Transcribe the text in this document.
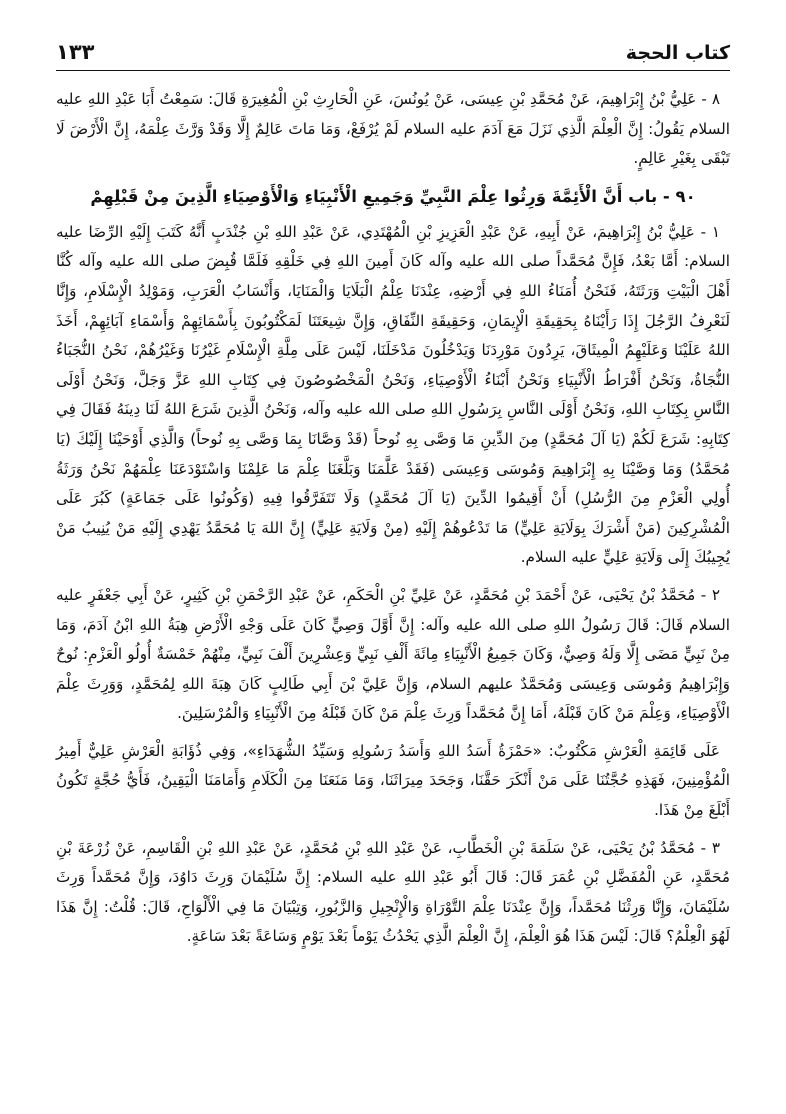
كتاب الحجة
١٣٣

٨ - عَلِيُّ بْنُ إِبْرَاهِيمَ، عَنْ مُحَمَّدِ بْنِ عِيسَى، عَنْ يُونُسَ، عَنِ الْحَارِثِ بْنِ الْمُغِيرَةِ قَالَ: سَمِعْتُ أَبَا عَبْدِ اللهِ عليه السلام يَقُولُ: إِنَّ الْعِلْمَ الَّذِي نَزَلَ مَعَ آدَمَ عليه السلام لَمْ يُرْفَعْ، وَمَا مَاتَ عَالِمٌ إِلَّا وَقَدْ وَرَّثَ عِلْمَهُ، إِنَّ الْأَرْضَ لَا تَبْقَى بِغَيْرِ عَالِمٍ.

٩٠ - باب أَنَّ الْأَئِمَّةَ وَرِثُوا عِلْمَ النَّبِيِّ وَجَمِيعِ الْأَنْبِيَاءِ وَالْأَوْصِيَاءِ الَّذِينَ مِنْ قَبْلِهِمْ

١ - عَلِيُّ بْنُ إِبْرَاهِيمَ، عَنْ أَبِيهِ، عَنْ عَبْدِ الْعَزِيزِ بْنِ الْمُهْتَدِي، عَنْ عَبْدِ اللهِ بْنِ جُنْدَبٍ أَنَّهُ كَتَبَ إِلَيْهِ الرِّضَا عليه السلام: أَمَّا بَعْدُ، فَإِنَّ مُحَمَّداً صلى الله عليه وآله كَانَ أَمِينَ اللهِ فِي خَلْقِهِ فَلَمَّا قُبِضَ صلى الله عليه وآله كُنَّا أَهْلَ الْبَيْتِ وَرَثَتَهُ، فَنَحْنُ أُمَنَاءُ اللهِ فِي أَرْضِهِ، عِنْدَنَا عِلْمُ الْبَلَايَا وَالْمَنَايَا، وَأَنْسَابُ الْعَرَبِ، وَمَوْلِدُ الْإِسْلَامِ، وَإِنَّا لَنَعْرِفُ الرَّجُلَ إِذَا رَأَيْنَاهُ بِحَقِيقَةِ الْإِيمَانِ، وَحَقِيقَةِ النِّفَاقِ، وَإِنَّ شِيعَتَنَا لَمَكْتُوبُونَ بِأَسْمَائِهِمْ وَأَسْمَاءِ آبَائِهِمْ، أَخَذَ اللهُ عَلَيْنَا وَعَلَيْهِمُ الْمِيثَاقَ، يَرِدُونَ مَوْرِدَنَا وَيَدْخُلُونَ مَدْخَلَنَا، لَيْسَ عَلَى مِلَّةِ الْإِسْلَامِ غَيْرُنَا وَغَيْرُهُمْ، نَحْنُ النُّجَبَاءُ النُّجَاةُ، وَنَحْنُ أَفْرَاطُ الْأَنْبِيَاءِ وَنَحْنُ أَبْنَاءُ الْأَوْصِيَاءِ، وَنَحْنُ الْمَخْصُوصُونَ فِي كِتَابِ اللهِ عَزَّ وَجَلَّ، وَنَحْنُ أَوْلَى النَّاسِ بِكِتَابِ اللهِ، وَنَحْنُ أَوْلَى النَّاسِ بِرَسُولِ اللهِ صلى الله عليه وآله، وَنَحْنُ الَّذِينَ شَرَعَ اللهُ لَنَا دِينَهُ فَقَالَ فِي كِتَابِهِ: شَرَعَ لَكُمْ (يَا آلَ مُحَمَّدٍ) مِنَ الدِّينِ مَا وَصَّى بِهِ نُوحاً (قَدْ وَصَّانَا بِمَا وَصَّى بِهِ نُوحاً) وَالَّذِي أَوْحَيْنَا إِلَيْكَ (يَا مُحَمَّدُ) وَمَا وَصَّيْنَا بِهِ إِبْرَاهِيمَ وَمُوسَى وَعِيسَى (فَقَدْ عَلَّمَنَا وَبَلَّغَنَا عِلْمَ مَا عَلِمْنَا وَاسْتَوْدَعَنَا عِلْمَهُمْ نَحْنُ وَرَثَةُ أُولِي الْعَزْمِ مِنَ الرُّسُلِ) أَنْ أَقِيمُوا الدِّينَ (يَا آلَ مُحَمَّدٍ) وَلَا تَتَفَرَّقُوا فِيهِ (وَكُونُوا عَلَى جَمَاعَةٍ) كَبُرَ عَلَى الْمُشْرِكِينَ (مَنْ أَشْرَكَ بِوَلَايَةِ عَلِيٍّ) مَا تَدْعُوهُمْ إِلَيْهِ (مِنْ وَلَايَةِ عَلِيٍّ) إِنَّ اللهَ يَا مُحَمَّدُ يَهْدِي إِلَيْهِ مَنْ يُنِيبُ مَنْ يُجِيبُكَ إِلَى وَلَايَةِ عَلِيٍّ عليه السلام.

٢ - مُحَمَّدُ بْنُ يَحْيَى، عَنْ أَحْمَدَ بْنِ مُحَمَّدٍ، عَنْ عَلِيِّ بْنِ الْحَكَمِ، عَنْ عَبْدِ الرَّحْمَنِ بْنِ كَثِيرٍ، عَنْ أَبِي جَعْفَرٍ عليه السلام قَالَ: قَالَ رَسُولُ اللهِ صلى الله عليه وآله: إِنَّ أَوَّلَ وَصِيٍّ كَانَ عَلَى وَجْهِ الْأَرْضِ هِبَةُ اللهِ ابْنُ آدَمَ، وَمَا مِنْ نَبِيٍّ مَضَى إِلَّا وَلَهُ وَصِيٌّ، وَكَانَ جَمِيعُ الْأَنْبِيَاءِ مِائَةَ أَلْفِ نَبِيٍّ وَعِشْرِينَ أَلْفَ نَبِيٍّ، مِنْهُمْ خَمْسَةٌ أُولُو الْعَزْمِ: نُوحٌ وَإِبْرَاهِيمُ وَمُوسَى وَعِيسَى وَمُحَمَّدٌ عليهم السلام، وَإِنَّ عَلِيَّ بْنَ أَبِي طَالِبٍ كَانَ هِبَةَ اللهِ لِمُحَمَّدٍ، وَوَرِثَ عِلْمَ الْأَوْصِيَاءِ، وَعِلْمَ مَنْ كَانَ قَبْلَهُ، أَمَا إِنَّ مُحَمَّداً وَرِثَ عِلْمَ مَنْ كَانَ قَبْلَهُ مِنَ الْأَنْبِيَاءِ وَالْمُرْسَلِينَ.

عَلَى قَائِمَةِ الْعَرْشِ مَكْتُوبٌ: «حَمْزَةُ أَسَدُ اللهِ وَأَسَدُ رَسُولِهِ وَسَيِّدُ الشُّهَدَاءِ»، وَفِي ذُؤَابَةِ الْعَرْشِ عَلِيٌّ أَمِيرُ الْمُؤْمِنِينَ، فَهَذِهِ حُجَّتُنَا عَلَى مَنْ أَنْكَرَ حَقَّنَا، وَجَحَدَ مِيرَاثَنَا، وَمَا مَنَعَنَا مِنَ الْكَلَامِ وَأَمَامَنَا الْيَقِينُ، فَأَيُّ حُجَّةٍ تَكُونُ أَبْلَغَ مِنْ هَذَا.

٣ - مُحَمَّدُ بْنُ يَحْيَى، عَنْ سَلَمَةَ بْنِ الْخَطَّابِ، عَنْ عَبْدِ اللهِ بْنِ مُحَمَّدٍ، عَنْ عَبْدِ اللهِ بْنِ الْقَاسِمِ، عَنْ زُرْعَةَ بْنِ مُحَمَّدٍ، عَنِ الْمُفَضَّلِ بْنِ عُمَرَ قَالَ: قَالَ أَبُو عَبْدِ اللهِ عليه السلام: إِنَّ سُلَيْمَانَ وَرِثَ دَاوُدَ، وَإِنَّ مُحَمَّداً وَرِثَ سُلَيْمَانَ، وَإِنَّا وَرِثْنَا مُحَمَّداً، وَإِنَّ عِنْدَنَا عِلْمَ التَّوْرَاةِ وَالْإِنْجِيلِ وَالزَّبُورِ، وَتِبْيَانَ مَا فِي الْأَلْوَاحِ، قَالَ: قُلْتُ: إِنَّ هَذَا لَهُوَ الْعِلْمُ؟ قَالَ: لَيْسَ هَذَا هُوَ الْعِلْمَ، إِنَّ الْعِلْمَ الَّذِي يَحْدُثُ يَوْماً بَعْدَ يَوْمٍ وَسَاعَةً بَعْدَ سَاعَةٍ.
